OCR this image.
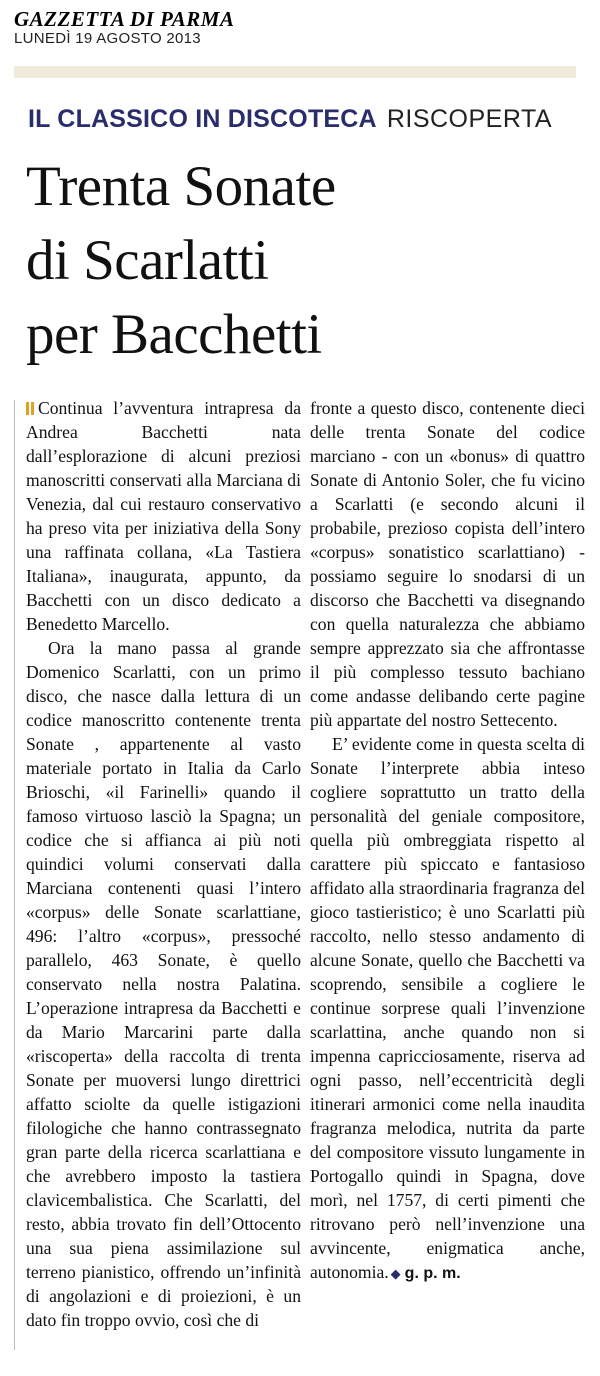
GAZZETTA DI PARMA
LUNEDÌ 19 AGOSTO 2013
IL CLASSICO IN DISCOTECA RISCOPERTA
Trenta Sonate
di Scarlatti
per Bacchetti

Continua l’avventura intrapresa da Andrea Bacchetti nata dall’esplorazione di alcuni preziosi manoscritti conservati alla Marciana di Venezia, dal cui restauro conservativo ha preso vita per iniziativa della Sony una raffinata collana, «La Tastiera Italiana», inaugurata, appunto, da Bacchetti con un disco dedicato a Benedetto Marcello.

Ora la mano passa al grande Domenico Scarlatti, con un primo disco, che nasce dalla lettura di un codice manoscritto contenente trenta Sonate , appartenente al vasto materiale portato in Italia da Carlo Brioschi, «il Farinelli» quando il famoso virtuoso lasciò la Spagna; un codice che si affianca ai più noti quindici volumi conservati dalla Marciana contenenti quasi l’intero «corpus» delle Sonate scarlattiane, 496: l’altro «corpus», pressoché parallelo, 463 Sonate, è quello conservato nella nostra Palatina. L’operazione intrapresa da Bacchetti e da Mario Marcarini parte dalla «riscoperta» della raccolta di trenta Sonate per muoversi lungo direttrici affatto sciolte da quelle istigazioni filologiche che hanno contrassegnato gran parte della ricerca scarlattiana e che avrebbero imposto la tastiera clavicembalistica. Che Scarlatti, del resto, abbia trovato fin dell’Ottocento una sua piena assimilazione sul terreno pianistico, offrendo un’infinità di angolazioni e di proiezioni, è un dato fin troppo ovvio, così che di

fronte a questo disco, contenente dieci delle trenta Sonate del codice marciano - con un «bonus» di quattro Sonate di Antonio Soler, che fu vicino a Scarlatti (e secondo alcuni il probabile, prezioso copista dell’intero «corpus» sonatistico scarlattiano) - possiamo seguire lo snodarsi di un discorso che Bacchetti va disegnando con quella naturalezza che abbiamo sempre apprezzato sia che affrontasse il più complesso tessuto bachiano come andasse delibando certe pagine più appartate del nostro Settecento.

E’ evidente come in questa scelta di Sonate l’interprete abbia inteso cogliere soprattutto un tratto della personalità del geniale compositore, quella più ombreggiata rispetto al carattere più spiccato e fantasioso affidato alla straordinaria fragranza del gioco tastieristico; è uno Scarlatti più raccolto, nello stesso andamento di alcune Sonate, quello che Bacchetti va scoprendo, sensibile a cogliere le continue sorprese quali l’invenzione scarlattina, anche quando non si impenna capricciosamente, riserva ad ogni passo, nell’eccentricità degli itinerari armonici come nella inaudita fragranza melodica, nutrita da parte del compositore vissuto lungamente in Portogallo quindi in Spagna, dove morì, nel 1757, di certi pimenti che ritrovano però nell’invenzione una avvincente, enigmatica anche, autonomia. ◆ g. p. m.
